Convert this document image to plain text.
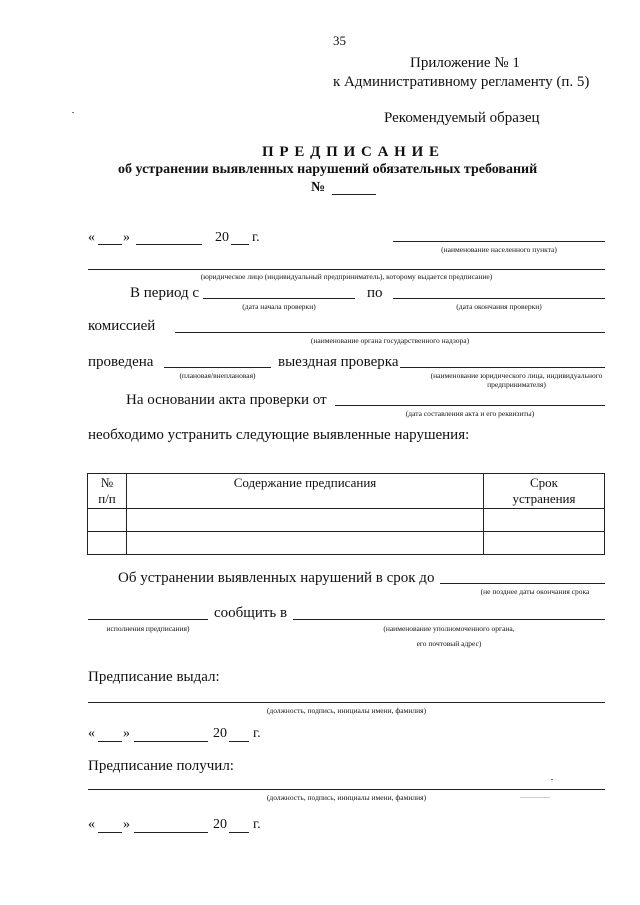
35
Приложение № 1
к Административному регламенту (п. 5)
Рекомендуемый образец
П Р Е Д П И С А Н И Е
об устранении выявленных нарушений обязательных требований
№
« »	20 г.
(наименование населенного пункта)
(юридическое лицо (индивидуальный предприниматель), которому выдается предписание)
В период с
(дата начала проверки)
по
(дата окончания проверки)
комиссией
(наименование органа государственного надзора)
проведена
(плановая/внеплановая)
выездная проверка
(наименование юридического лица, индивидуального
предпринимателя)
На основании акта проверки от
(дата составления акта и его реквизиты)
необходимо устранить следующие выявленные нарушения:
№
п/п	Содержание предписания	Срок
устранения

Об устранении выявленных нарушений в срок до
(не позднее даты окончания срока
исполнения предписания)
сообщить в
(наименование уполномоченного органа,
его почтовый адрес)
Предписание выдал:
(должность, подпись, инициалы имени, фамилия)
« »	20 г.
Предписание получил:
(должность, подпись, инициалы имени, фамилия)
« »	20 г.
